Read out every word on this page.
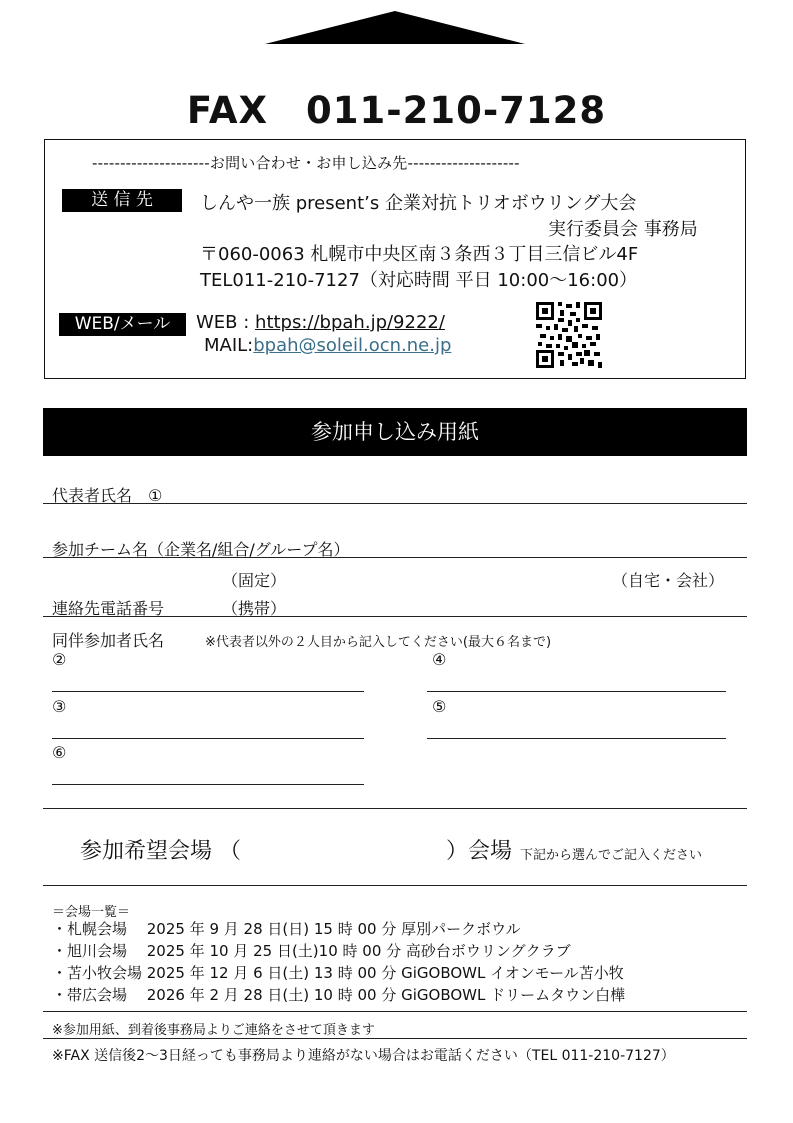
FAX　011-210-7128
---------------------お問い合わせ・お申し込み先--------------------
送 信 先	しんや一族 present’s 企業対抗トリオボウリング大会
実行委員会 事務局
〒060-0063 札幌市中央区南３条西３丁目三信ビル4F
TEL011-210-7127（対応時間 平日 10:00～16:00）
WEB/メール	WEB : https://bpah.jp/9222/
MAIL:bpah@soleil.ocn.ne.jp
参加申し込み用紙
代表者氏名　①
参加チーム名（企業名/組合/グループ名）
（固定）	（自宅・会社）
連絡先電話番号	（携帯）
同伴参加者氏名	※代表者以外の２人目から記入してください(最大６名まで)
②	④
③	⑤
⑥
参加希望会場 （	）会場 下記から選んでご記入ください
＝会場一覧＝
・札幌会場　 2025 年 9 月 28 日(日) 15 時 00 分 厚別パークボウル
・旭川会場　 2025 年 10 月 25 日(土)10 時 00 分 高砂台ボウリングクラブ
・苫小牧会場 2025 年 12 月 6 日(土) 13 時 00 分 GiGOBOWL イオンモール苫小牧
・帯広会場　 2026 年 2 月 28 日(土) 10 時 00 分 GiGOBOWL ドリームタウン白樺
※参加用紙、到着後事務局よりご連絡をさせて頂きます
※FAX 送信後2～3日経っても事務局より連絡がない場合はお電話ください（TEL 011-210-7127）
